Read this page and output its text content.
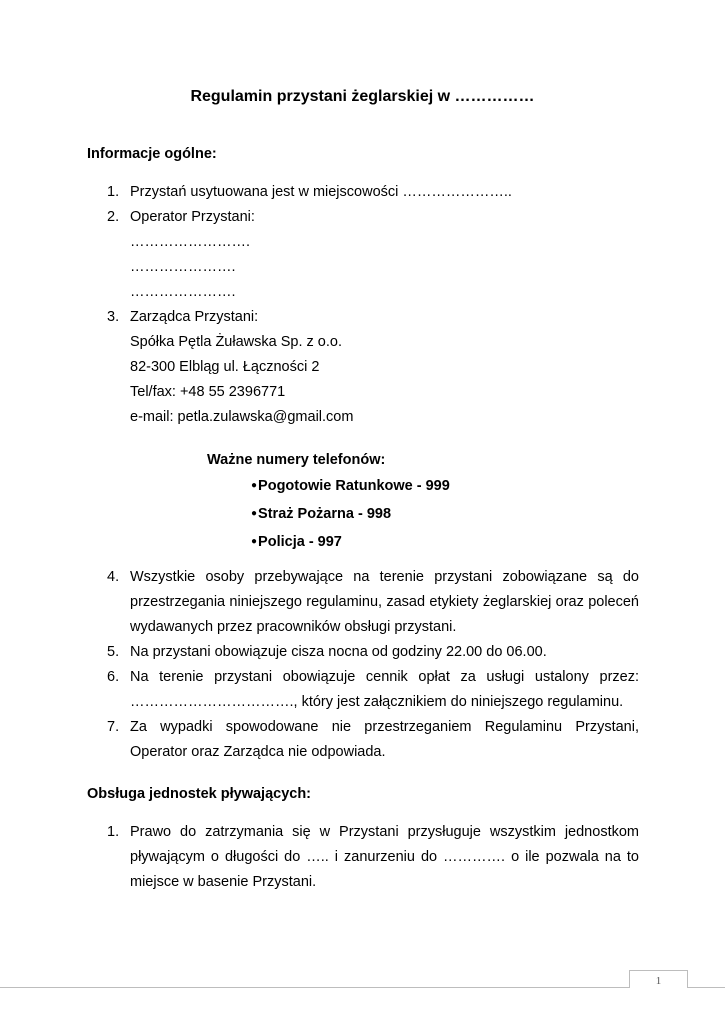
Regulamin przystani żeglarskiej w ……………
Informacje ogólne:
1. Przystań usytuowana jest w miejscowości …………………..
2. Operator Przystani:
…………………….
………………….
………………….
3. Zarządca Przystani:
Spółka Pętla Żuławska Sp. z o.o.
82-300 Elbląg ul. Łączności 2
Tel/fax: +48 55 2396771
e-mail: petla.zulawska@gmail.com
Ważne numery telefonów:
●Pogotowie Ratunkowe - 999
●Straż Pożarna - 998
●Policja - 997
4. Wszystkie osoby przebywające na terenie przystani zobowiązane są do przestrzegania niniejszego regulaminu, zasad etykiety żeglarskiej oraz poleceń wydawanych przez pracowników obsługi przystani.
5. Na przystani obowiązuje cisza nocna od godziny 22.00 do 06.00.
6. Na terenie przystani obowiązuje cennik opłat za usługi ustalony przez: ……………………………., który jest załącznikiem do niniejszego regulaminu.
7. Za wypadki spowodowane nie przestrzeganiem Regulaminu Przystani, Operator oraz Zarządca nie odpowiada.
Obsługa jednostek pływających:
1. Prawo do zatrzymania się w Przystani przysługuje wszystkim jednostkom pływającym o długości do ….. i zanurzeniu do …………. o ile pozwala na to miejsce w basenie Przystani.
1
